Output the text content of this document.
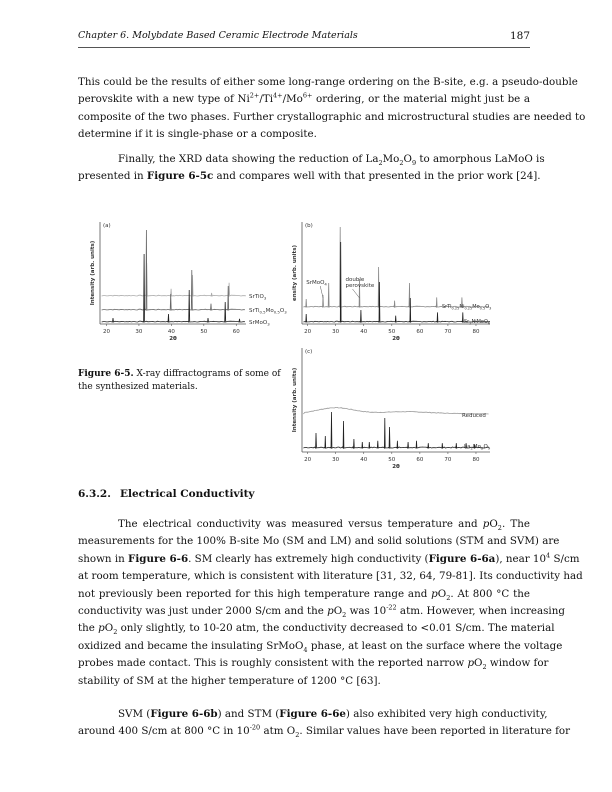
Chapter 6. Molybdate Based Ceramic Electrode Materials	187
This could be the results of either some long-range ordering on the B-site, e.g. a pseudo-double
perovskite with a new type of $Ni^{2+}/Ti^{4+}/Mo^{6+}$ ordering, or the material might just be a
composite of the two phases. Further crystallographic and microstructural studies are needed to
determine if it is single-phase or a composite.
Finally, the XRD data showing the reduction of $La_2Mo_2O_9$ to amorphous LaMoO is
presented in Figure 6-5c and compares well with that presented in the prior work [24].
20	30	40	50	60
2θ
Intensity (arb. units)
(a)
SrTiO$_3$
$SrTi_{0.5}Mo_{0.5}O_3$
SrMoO$_3$
20	30	40	50	60	70	80
2θ
ensity (arb. units)
(b)
$SrTi_{0.25}Ni_{0.25}Mo_{0.5}O_3$
$Sr_2NiMoO_6$
SrMoO$_4$
double
perovskite
20	30	40	50	60	70	80
2θ
Intensity (arb. units)
(c)
Reduced
$La_2Mo_2O_9$
Figure 6-5. X-ray diffractograms of some of the synthesized materials.
6.3.2. Electrical Conductivity
The electrical conductivity was measured versus temperature and $pO_2$. The
measurements for the 100% B-site Mo (SM and LM) and solid solutions (STM and SVM) are
shown in Figure 6-6. SM clearly has extremely high conductivity (Figure 6-6a), near $10^4$ S/cm
at room temperature, which is consistent with literature [31, 32, 64, 79-81]. Its conductivity had
not previously been reported for this high temperature range and $pO_2$. At 800 °C the
conductivity was just under 2000 S/cm and the $pO_2$ was $10^{-22}$ atm. However, when increasing
the $pO_2$ only slightly, to 10-20 atm, the conductivity decreased to <0.01 S/cm. The material
oxidized and became the insulating SrMoO$_4$ phase, at least on the surface where the voltage
probes made contact. This is roughly consistent with the reported narrow $pO_2$ window for
stability of SM at the higher temperature of 1200 °C [63].
SVM (Figure 6-6b) and STM (Figure 6-6e) also exhibited very high conductivity,
around 400 S/cm at 800 °C in $10^{-20}$ atm $O_2$. Similar values have been reported in literature for
